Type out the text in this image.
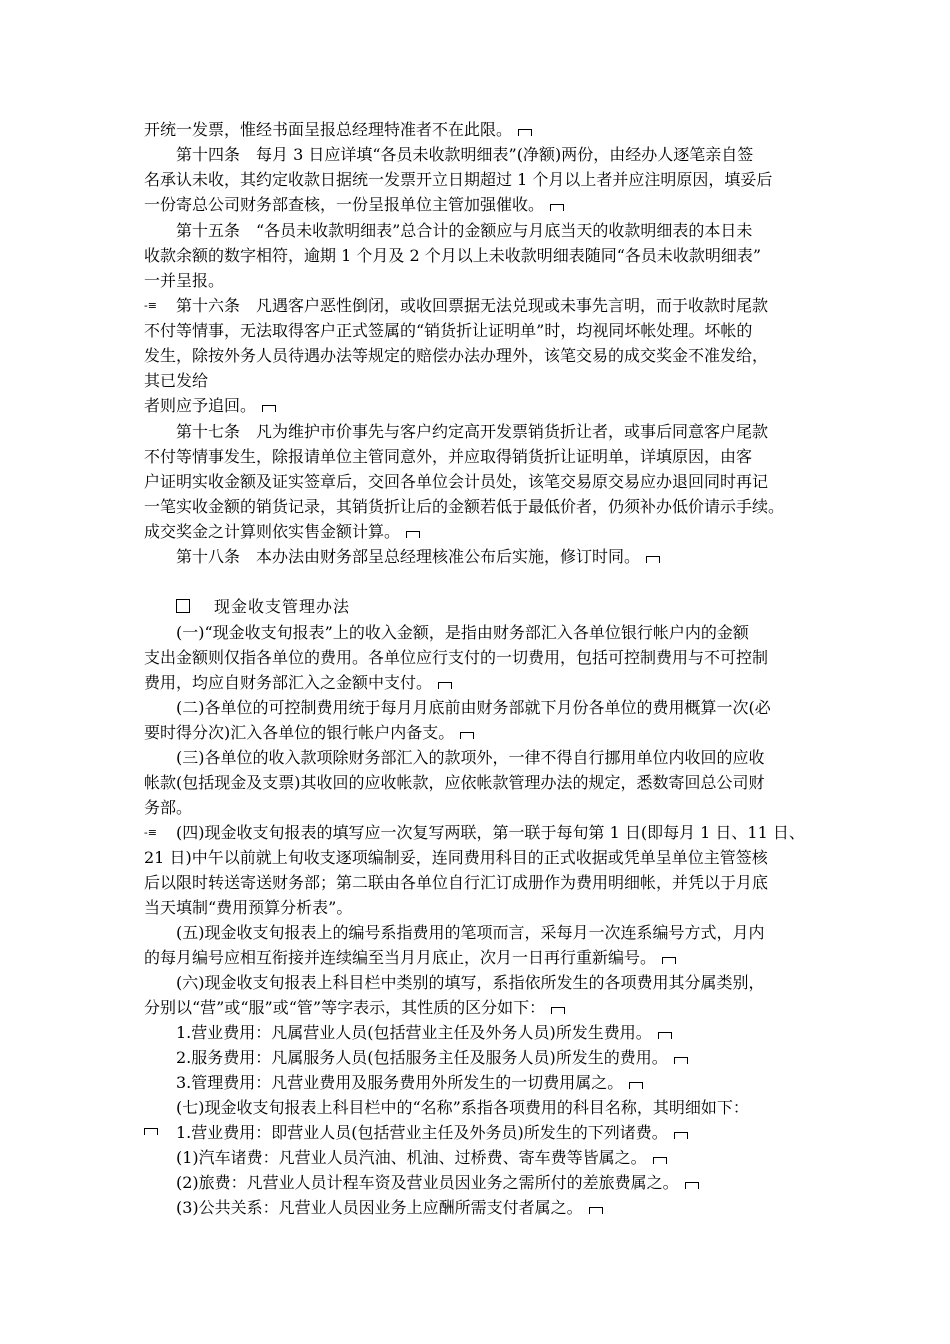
开统一发票，惟经书面呈报总经理特准者不在此限。
第十四条　每月 3 日应详填“各员未收款明细表”(净额)两份，由经办人逐笔亲自签
名承认未收，其约定收款日据统一发票开立日期超过 1 个月以上者并应注明原因，填妥后
一份寄总公司财务部查核，一份呈报单位主管加强催收。
第十五条　“各员未收款明细表”总合计的金额应与月底当天的收款明细表的本日未
收款余额的数字相符，逾期 1 个月及 2 个月以上未收款明细表随同“各员未收款明细表”
一并呈报。
-≡ 第十六条　凡遇客户恶性倒闭，或收回票据无法兑现或未事先言明，而于收款时尾款
不付等情事，无法取得客户正式签属的“销货折让证明单”时，均视同坏帐处理。坏帐的
发生，除按外务人员待遇办法等规定的赔偿办法办理外，该笔交易的成交奖金不准发给，
其已发给
者则应予追回。
第十七条　凡为维护市价事先与客户约定高开发票销货折让者，或事后同意客户尾款
不付等情事发生，除报请单位主管同意外，并应取得销货折让证明单，详填原因，由客
户证明实收金额及证实签章后，交回各单位会计员处，该笔交易原交易应办退回同时再记
一笔实收金额的销货记录，其销货折让后的金额若低于最低价者，仍须补办低价请示手续。
成交奖金之计算则依实售金额计算。
第十八条　本办法由财务部呈总经理核准公布后实施，修订时同。
现金收支管理办法
(一)“现金收支旬报表”上的收入金额，是指由财务部汇入各单位银行帐户内的金额
支出金额则仅指各单位的费用。各单位应行支付的一切费用，包括可控制费用与不可控制
费用，均应自财务部汇入之金额中支付。
(二)各单位的可控制费用统于每月月底前由财务部就下月份各单位的费用概算一次(必
要时得分次)汇入各单位的银行帐户内备支。
(三)各单位的收入款项除财务部汇入的款项外，一律不得自行挪用单位内收回的应收
帐款(包括现金及支票)其收回的应收帐款，应依帐款管理办法的规定，悉数寄回总公司财
务部。
-≡ (四)现金收支旬报表的填写应一次复写两联，第一联于每旬第 1 日(即每月 1 日、11 日、
21 日)中午以前就上旬收支逐项编制妥，连同费用科目的正式收据或凭单呈单位主管签核
后以限时转送寄送财务部；第二联由各单位自行汇订成册作为费用明细帐，并凭以于月底
当天填制“费用预算分析表”。
(五)现金收支旬报表上的编号系指费用的笔项而言，采每月一次连系编号方式，月内
的每月编号应相互衔接并连续编至当月月底止，次月一日再行重新编号。
(六)现金收支旬报表上科目栏中类别的填写，系指依所发生的各项费用其分属类别，
分别以“营”或“服”或“管”等字表示，其性质的区分如下：
1.营业费用：凡属营业人员(包括营业主任及外务人员)所发生费用。
2.服务费用：凡属服务人员(包括服务主任及服务人员)所发生的费用。
3.管理费用：凡营业费用及服务费用外所发生的一切费用属之。
(七)现金收支旬报表上科目栏中的“名称”系指各项费用的科目名称，其明细如下：
1.营业费用：即营业人员(包括营业主任及外务员)所发生的下列诸费。
(1)汽车诸费：凡营业人员汽油、机油、过桥费、寄车费等皆属之。
(2)旅费：凡营业人员计程车资及营业员因业务之需所付的差旅费属之。
(3)公共关系：凡营业人员因业务上应酬所需支付者属之。
